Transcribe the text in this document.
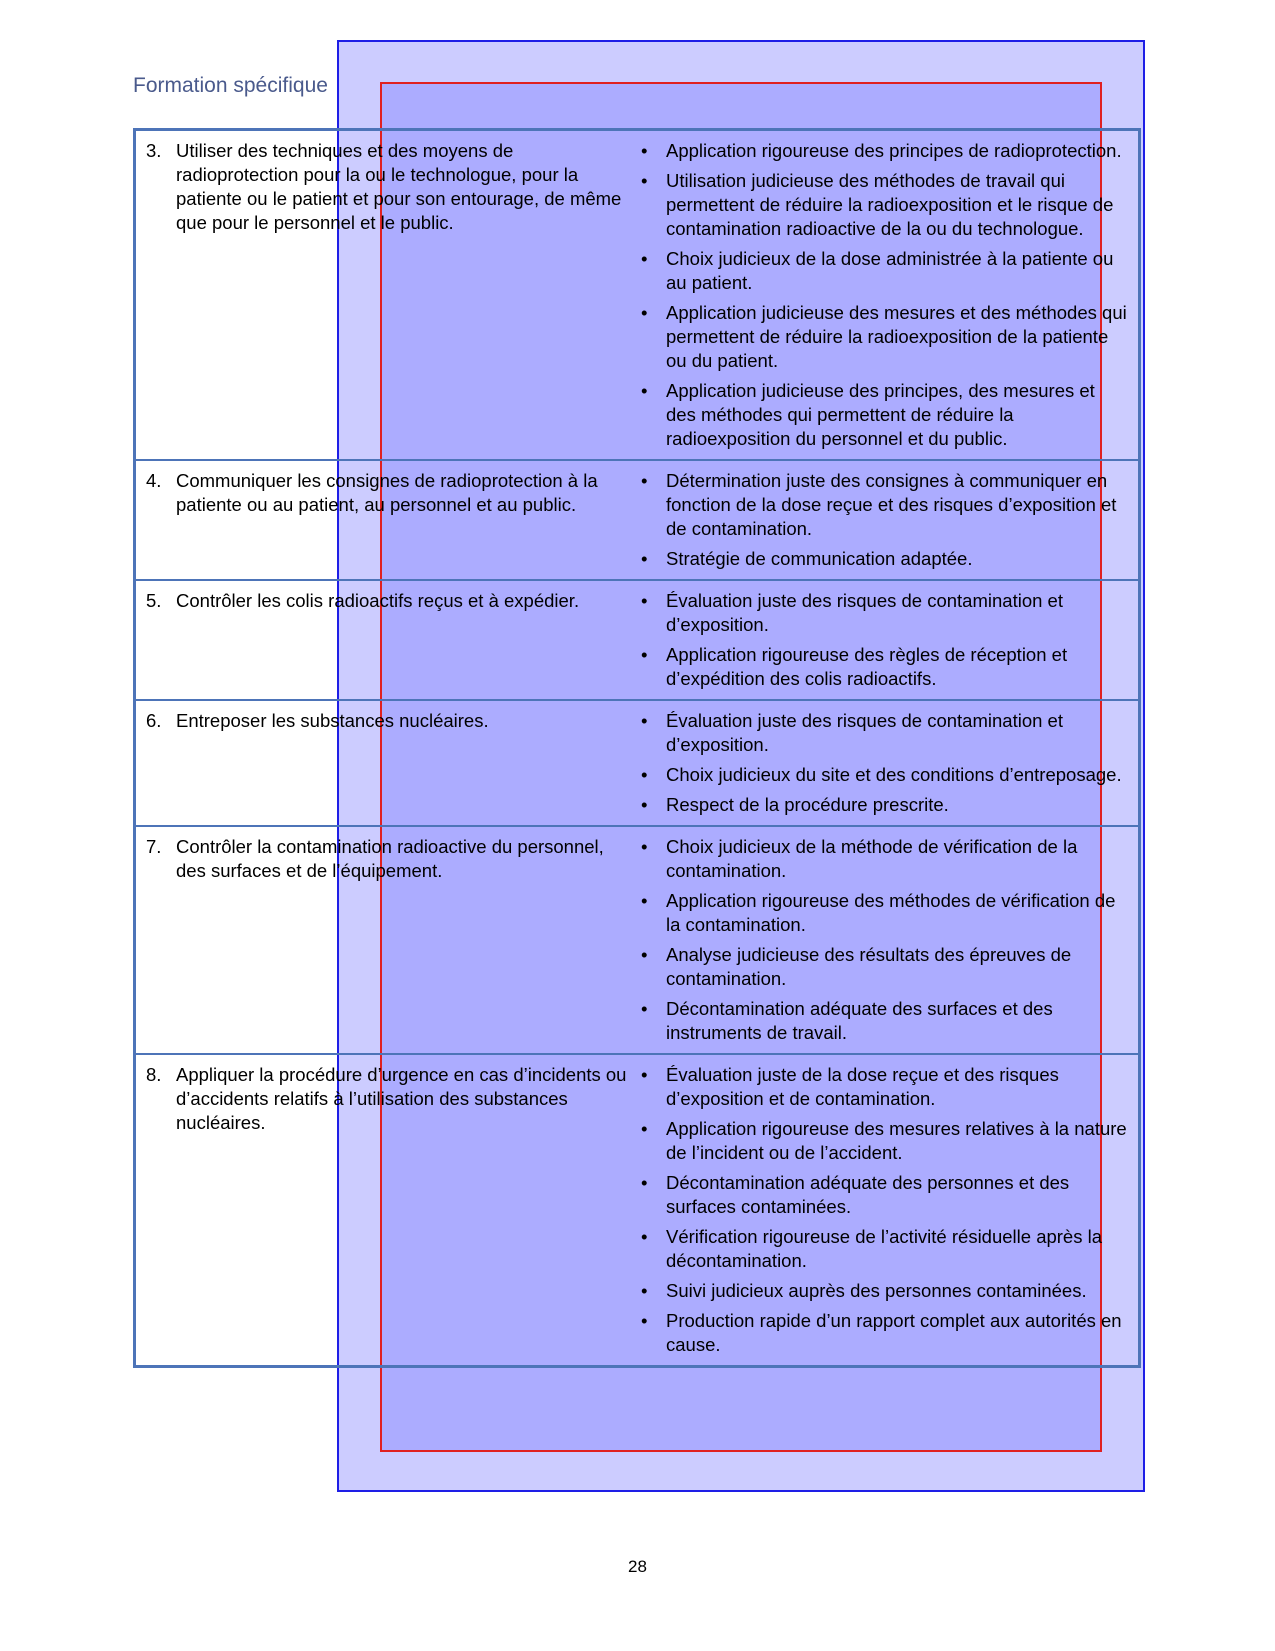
Formation spécifique
3. Utiliser des techniques et des moyens de radioprotection pour la ou le technologue, pour la patiente ou le patient et pour son entourage, de même que pour le personnel et le public.
• Application rigoureuse des principes de radioprotection.
• Utilisation judicieuse des méthodes de travail qui permettent de réduire la radioexposition et le risque de contamination radioactive de la ou du technologue.
• Choix judicieux de la dose administrée à la patiente ou au patient.
• Application judicieuse des mesures et des méthodes qui permettent de réduire la radioexposition de la patiente ou du patient.
• Application judicieuse des principes, des mesures et des méthodes qui permettent de réduire la radioexposition du personnel et du public.
4. Communiquer les consignes de radioprotection à la patiente ou au patient, au personnel et au public.
• Détermination juste des consignes à communiquer en fonction de la dose reçue et des risques d’exposition et de contamination.
• Stratégie de communication adaptée.
5. Contrôler les colis radioactifs reçus et à expédier.	• Évaluation juste des risques de contamination et d’exposition.
• Application rigoureuse des règles de réception et d’expédition des colis radioactifs.
6. Entreposer les substances nucléaires.	• Évaluation juste des risques de contamination et d’exposition.
• Choix judicieux du site et des conditions d’entreposage.
• Respect de la procédure prescrite.
7. Contrôler la contamination radioactive du personnel, des surfaces et de l’équipement.
• Choix judicieux de la méthode de vérification de la contamination.
• Application rigoureuse des méthodes de vérification de la contamination.
• Analyse judicieuse des résultats des épreuves de contamination.
• Décontamination adéquate des surfaces et des instruments de travail.
8. Appliquer la procédure d’urgence en cas d’incidents ou d’accidents relatifs à l’utilisation des substances nucléaires.
• Évaluation juste de la dose reçue et des risques d’exposition et de contamination.
• Application rigoureuse des mesures relatives à la nature de l’incident ou de l’accident.
• Décontamination adéquate des personnes et des surfaces contaminées.
• Vérification rigoureuse de l’activité résiduelle après la décontamination.
• Suivi judicieux auprès des personnes contaminées.
• Production rapide d’un rapport complet aux autorités en cause.
28
